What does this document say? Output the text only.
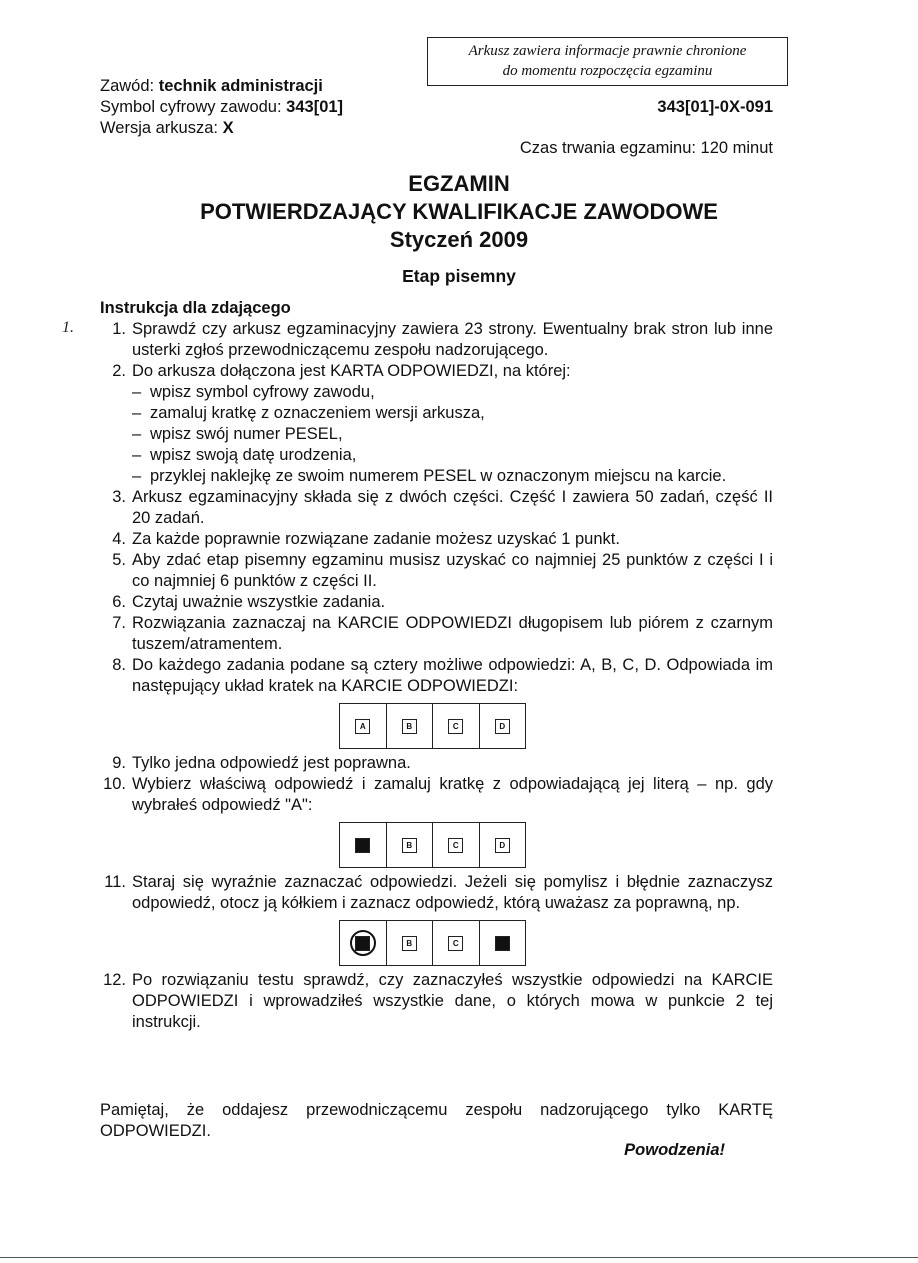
Arkusz zawiera informacje prawnie chronione
do momentu rozpoczęcia egzaminu
Zawód: technik administracji
Symbol cyfrowy zawodu: 343[01]
Wersja arkusza: X
343[01]-0X-091
Czas trwania egzaminu: 120 minut
EGZAMIN
POTWIERDZAJĄCY KWALIFIKACJE ZAWODOWE
Styczeń 2009
Etap pisemny
Instrukcja dla zdającego
1.	1. Sprawdź czy arkusz egzaminacyjny zawiera 23 strony. Ewentualny brak stron lub inne usterki zgłoś przewodniczącemu zespołu nadzorującego.
2. Do arkusza dołączona jest KARTA ODPOWIEDZI, na której:
– wpisz symbol cyfrowy zawodu,
– zamaluj kratkę z oznaczeniem wersji arkusza,
– wpisz swój numer PESEL,
– wpisz swoją datę urodzenia,
– przyklej naklejkę ze swoim numerem PESEL w oznaczonym miejscu na karcie.
3. Arkusz egzaminacyjny składa się z dwóch części. Część I zawiera 50 zadań, część II 20 zadań.
4. Za każde poprawnie rozwiązane zadanie możesz uzyskać 1 punkt.
5. Aby zdać etap pisemny egzaminu musisz uzyskać co najmniej 25 punktów z części I i co najmniej 6 punktów z części II.
6. Czytaj uważnie wszystkie zadania.
7. Rozwiązania zaznaczaj na KARCIE ODPOWIEDZI długopisem lub piórem z czarnym tuszem/atramentem.
8. Do każdego zadania podane są cztery możliwe odpowiedzi: A, B, C, D. Odpowiada im następujący układ kratek na KARCIE ODPOWIEDZI:
A	B	C	D
9. Tylko jedna odpowiedź jest poprawna.
10. Wybierz właściwą odpowiedź i zamaluj kratkę z odpowiadającą jej literą – np. gdy wybrałeś odpowiedź "A":
B	C	D
11. Staraj się wyraźnie zaznaczać odpowiedzi. Jeżeli się pomylisz i błędnie zaznaczysz odpowiedź, otocz ją kółkiem i zaznacz odpowiedź, którą uważasz za poprawną, np.
B	C
12. Po rozwiązaniu testu sprawdź, czy zaznaczyłeś wszystkie odpowiedzi na KARCIE ODPOWIEDZI i wprowadziłeś wszystkie dane, o których mowa w punkcie 2 tej instrukcji.
Pamiętaj, że oddajesz przewodniczącemu zespołu nadzorującego tylko KARTĘ ODPOWIEDZI.
Powodzenia!
